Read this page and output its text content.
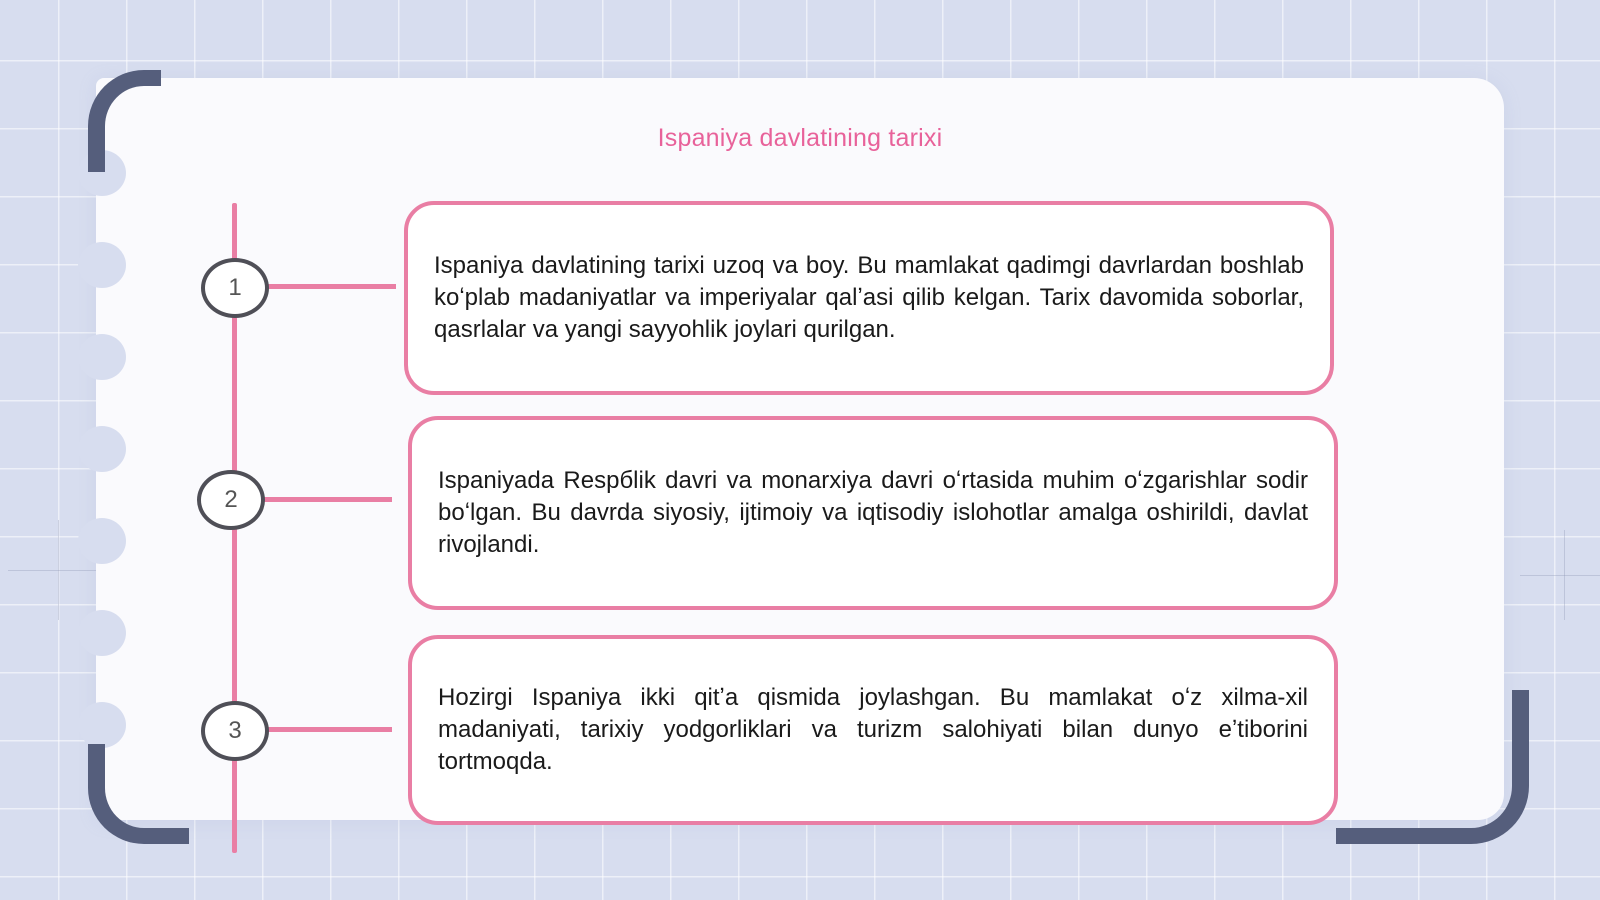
Ispaniya davlatining tarixi
1

Ispaniya davlatining tarixi uzoq va boy. Bu mamlakat qadimgi davrlardan boshlab koʻplab madaniyatlar va imperiyalar qalʼasi qilib kelgan. Tarix davomida soborlar, qasrlalar va yangi sayyohlik joylari qurilgan.

2

Ispaniyada Respбlik davri va monarxiya davri oʻrtasida muhim oʻzgarishlar sodir boʻlgan. Bu davrda siyosiy, ijtimoiy va iqtisodiy islohotlar amalga oshirildi, davlat rivojlandi.

3

Hozirgi Ispaniya ikki qitʼa qismida joylashgan. Bu mamlakat oʻz xilma-xil madaniyati, tarixiy yodgorliklari va turizm salohiyati bilan dunyo eʼtiborini tortmoqda.
